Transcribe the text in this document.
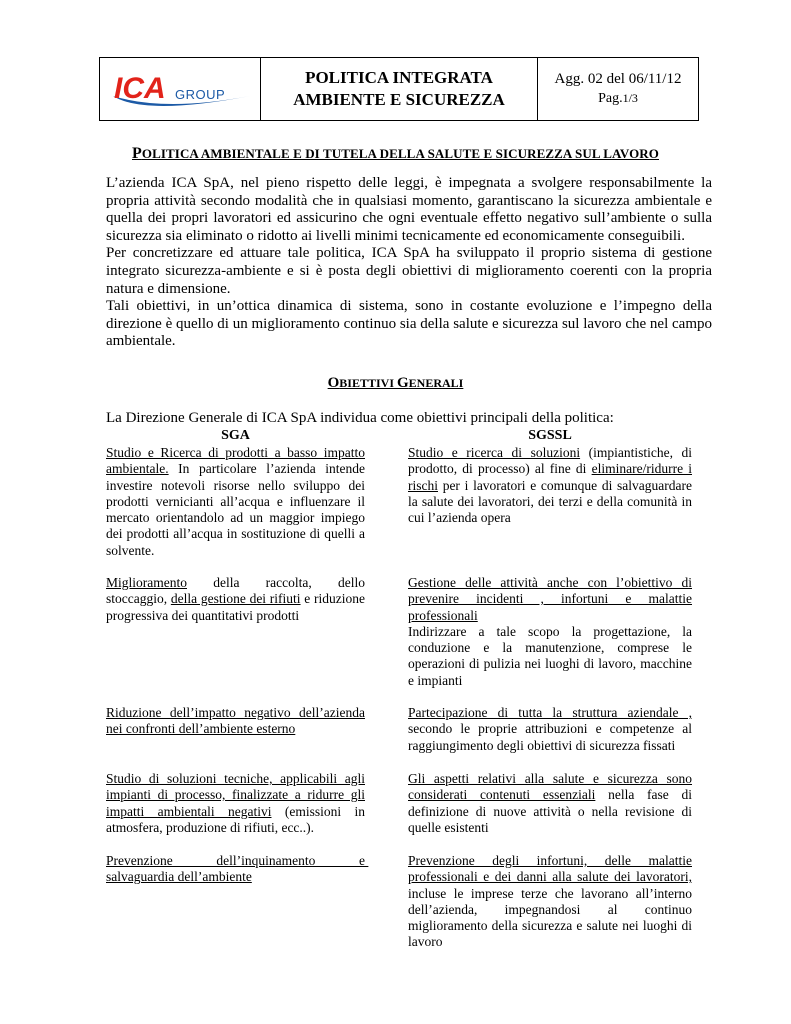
ICA GROUP
POLITICA INTEGRATA
AMBIENTE E SICUREZZA
Agg. 02 del 06/11/12
Pag.1/3
POLITICA AMBIENTALE E DI TUTELA DELLA SALUTE E SICUREZZA SUL LAVORO

L’azienda ICA SpA, nel pieno rispetto delle leggi, è impegnata a svolgere responsabilmente la propria attività secondo modalità che in qualsiasi momento, garantiscano la sicurezza ambientale e quella dei propri lavoratori ed assicurino che ogni eventuale effetto negativo sull’ambiente o sulla sicurezza sia eliminato o ridotto ai livelli minimi tecnicamente ed economicamente conseguibili.

Per concretizzare ed attuare tale politica, ICA SpA ha sviluppato il proprio sistema di gestione integrato sicurezza-ambiente e si è posta degli obiettivi di miglioramento coerenti con la propria natura e dimensione.

Tali obiettivi, in un’ottica dinamica di sistema, sono in costante evoluzione e l’impegno della direzione è quello di un miglioramento continuo sia della salute e sicurezza sul lavoro che nel campo ambientale.

OBIETTIVI GENERALI
La Direzione Generale di ICA SpA individua come obiettivi principali della politica:
SGA

Studio e Ricerca di prodotti a basso impatto ambientale. In particolare l’azienda intende investire notevoli risorse nello sviluppo dei prodotti vernicianti all’acqua e influenzare il mercato orientandolo ad un maggior impiego dei prodotti all’acqua in sostituzione di quelli a solvente.

Miglioramento      della      raccolta,      dello stoccaggio, della gestione dei rifiuti e riduzione progressiva dei quantitativi prodotti

Riduzione dell’impatto negativo dell’azienda nei confronti dell’ambiente esterno

Studio di soluzioni tecniche, applicabili agli impianti di processo, finalizzate a ridurre gli impatti ambientali negativi (emissioni in atmosfera, produzione di rifiuti, ecc..).

Prevenzione          dell’inquinamento          e salvaguardia dell’ambiente

SGSSL

Studio e ricerca di soluzioni (impiantistiche, di prodotto, di processo) al fine di eliminare/ridurre i rischi per i lavoratori e comunque di salvaguardare la salute dei lavoratori, dei terzi e della comunità in cui l’azienda opera

Gestione delle attività anche con l’obiettivo di prevenire incidenti , infortuni e malattie professionali
Indirizzare a tale scopo la progettazione, la conduzione e la manutenzione, comprese le operazioni di pulizia nei luoghi di lavoro, macchine e impianti

Partecipazione di tutta la struttura aziendale , secondo le proprie attribuzioni e competenze al raggiungimento degli obiettivi di sicurezza fissati

Gli aspetti relativi alla salute e sicurezza sono considerati contenuti essenziali nella fase di definizione di nuove attività o nella revisione di quelle esistenti

Prevenzione degli infortuni, delle malattie professionali e dei danni alla salute dei lavoratori, incluse le imprese terze che lavorano all’interno dell’azienda, impegnandosi al continuo miglioramento della sicurezza e salute nei luoghi di lavoro
